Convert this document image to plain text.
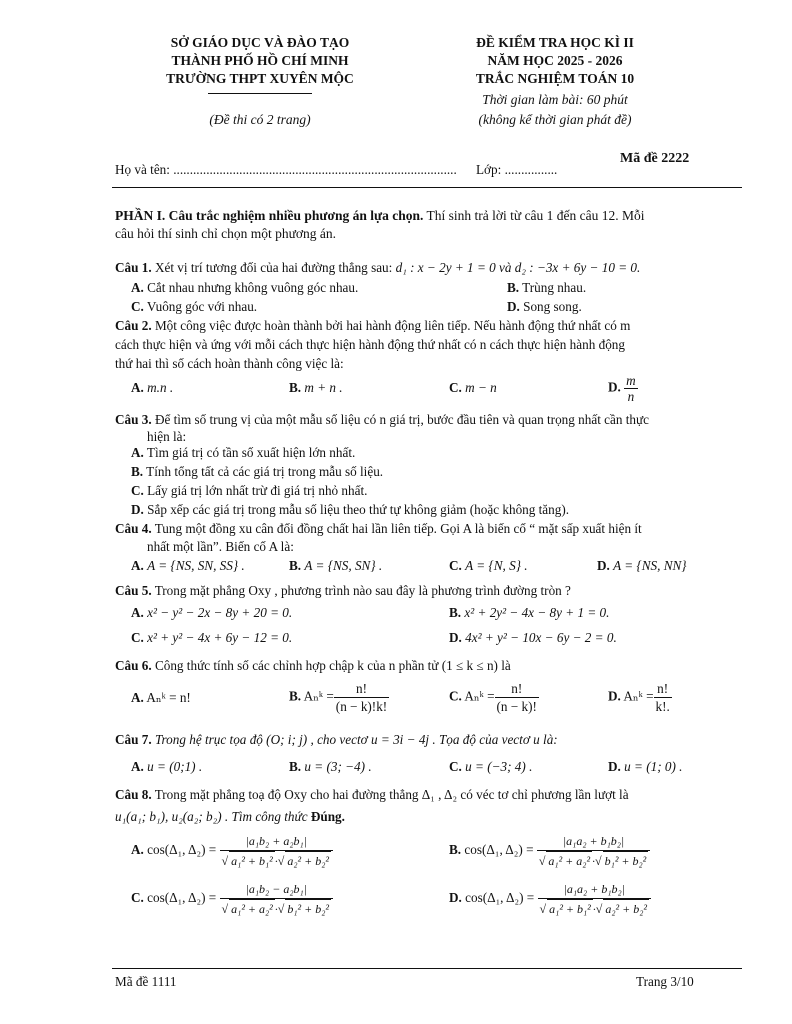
SỞ GIÁO DỤC VÀ ĐÀO TẠO
THÀNH PHỐ HỒ CHÍ MINH
TRƯỜNG THPT XUYÊN MỘC
(Đề thi có 2 trang)
ĐỀ KIỂM TRA HỌC KÌ II
NĂM HỌC 2025 - 2026
TRẮC NGHIỆM TOÁN 10
Thời gian làm bài: 60 phút
(không kể thời gian phát đề)
Mã đề 2222
Họ và tên: ...................................................................................... Lớp: ................
PHẦN I. Câu trắc nghiệm nhiều phương án lựa chọn. Thí sinh trả lời từ câu 1 đến câu 12. Mỗi
câu hỏi thí sinh chỉ chọn một phương án.
Câu 1. Xét vị trí tương đối của hai đường thẳng sau: d₁ : x − 2y + 1 = 0 và d₂ : −3x + 6y − 10 = 0.
A. Cắt nhau nhưng không vuông góc nhau.	B. Trùng nhau.
C. Vuông góc với nhau.	D. Song song.
Câu 2. Một công việc được hoàn thành bởi hai hành động liên tiếp. Nếu hành động thứ nhất có m
cách thực hiện và ứng với mỗi cách thực hiện hành động thứ nhất có n cách thực hiện hành động
thứ hai thì số cách hoàn thành công việc là:
A. m.n .	B. m + n .	C. m − n	D. $\frac{m}{n}$
Câu 3. Để tìm số trung vị của một mẫu số liệu có n giá trị, bước đầu tiên và quan trọng nhất cần thực
hiện là:
A. Tìm giá trị có tần số xuất hiện lớn nhất.
B. Tính tổng tất cả các giá trị trong mẫu số liệu.
C. Lấy giá trị lớn nhất trừ đi giá trị nhỏ nhất.
D. Sắp xếp các giá trị trong mẫu số liệu theo thứ tự không giảm (hoặc không tăng).
Câu 4. Tung một đồng xu cân đối đồng chất hai lần liên tiếp. Gọi A là biến cố “ mặt sấp xuất hiện ít
nhất một lần”. Biến cố A là:
A. A = {NS, SN, SS} .	B. A = {NS, SN} .	C. A = {N, S} .	D. A = {NS, NN}
Câu 5. Trong mặt phẳng Oxy , phương trình nào sau đây là phương trình đường tròn ?
A. x² − y² − 2x − 8y + 20 = 0.	B. x² + 2y² − 4x − 8y + 1 = 0.
C. x² + y² − 4x + 6y − 12 = 0.	D. 4x² + y² − 10x − 6y − 2 = 0.
Câu 6. Công thức tính số các chỉnh hợp chập k của n phần tử (1 ≤ k ≤ n) là
A. Aₙᵏ = n!	B. Aₙᵏ = $\frac{n!}{(n - k)!k!}$	C. Aₙᵏ = $\frac{n!}{(n - k)!}$	D. Aₙᵏ = $\frac{n!}{k!.}$
Câu 7. Trong hệ trục tọa độ (O; i; j) , cho vectơ u = 3i − 4j . Tọa độ của vectơ u là:
A. u = (0;1) .	B. u = (3; −4) .	C. u = (−3; 4) .	D. u = (1; 0) .
Câu 8. Trong mặt phẳng toạ độ Oxy cho hai đường thẳng Δ₁ , Δ₂ có véc tơ chỉ phương lần lượt là
u₁(a₁; b₁), u₂(a₂; b₂) . Tìm công thức Đúng.
A. cos(Δ₁, $\Delta_2) = \frac{\text{|a₁b₂ + a₂b₁|}}{\text{√ a₁² + b₁² ·√ a₂² + b₂²}}$	B. cos(Δ₁, $\Delta_2) = \frac{\text{|a₁a₂ + b₁b₂|}}{\text{√ a₁² + a₂² ·√ b₁² + b₂²}}$
C. cos(Δ₁, $\Delta_2) = \frac{\text{|a₁b₂ − a₂b₁|}}{\text{√ a₁² + a₂² ·√ b₁² + b₂²}}$	D. cos(Δ₁, $\Delta_2) = \frac{\text{|a₁a₂ + b₁b₂|}}{\text{√ a₁² + b₁² ·√ a₂² + b₂²}}$
Mã đề 1111	Trang 3/10
